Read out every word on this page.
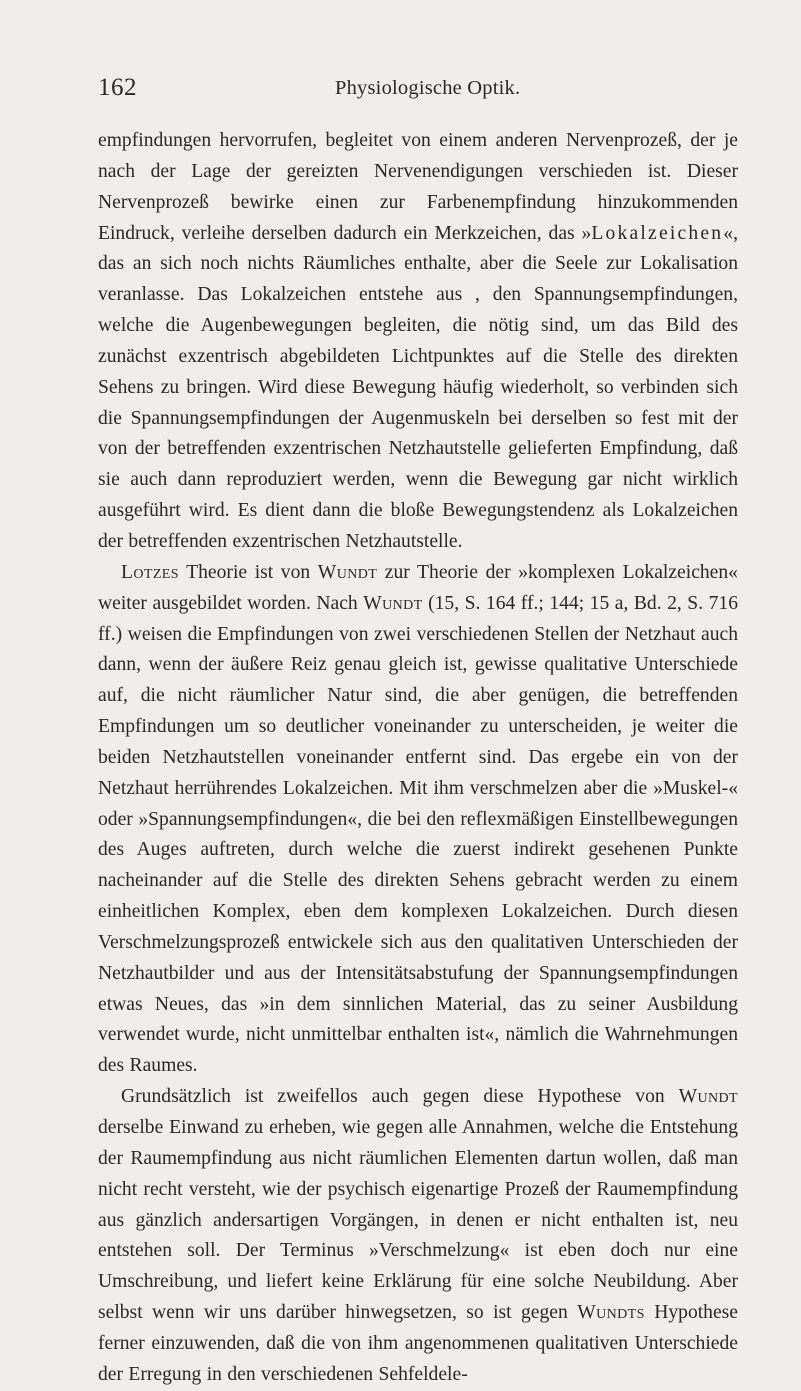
162	Physiologische Optik.

empfindungen hervorrufen, begleitet von einem anderen Nervenprozeß, der je nach der Lage der gereizten Nervenendigungen verschieden ist. Dieser Nervenprozeß bewirke einen zur Farbenempfindung hinzukommenden Eindruck, verleihe derselben dadurch ein Merkzeichen, das »Lokalzeichen«, das an sich noch nichts Räumliches enthalte, aber die Seele zur Lokalisation veranlasse. Das Lokalzeichen entstehe aus , den Spannungsempfindungen, welche die Augenbewegungen begleiten, die nötig sind, um das Bild des zunächst exzentrisch abgebildeten Lichtpunktes auf die Stelle des direkten Sehens zu bringen. Wird diese Bewegung häufig wiederholt, so verbinden sich die Spannungsempfindungen der Augenmuskeln bei derselben so fest mit der von der betreffenden exzentrischen Netzhautstelle gelieferten Empfindung, daß sie auch dann reproduziert werden, wenn die Bewegung gar nicht wirklich ausgeführt wird. Es dient dann die bloße Bewegungstendenz als Lokalzeichen der betreffenden exzentrischen Netzhautstelle.

Lotzes Theorie ist von Wundt zur Theorie der »komplexen Lokalzeichen« weiter ausgebildet worden. Nach Wundt (15, S. 164 ff.; 144; 15 a, Bd. 2, S. 716 ff.) weisen die Empfindungen von zwei verschiedenen Stellen der Netzhaut auch dann, wenn der äußere Reiz genau gleich ist, gewisse qualitative Unterschiede auf, die nicht räumlicher Natur sind, die aber genügen, die betreffenden Empfindungen um so deutlicher voneinander zu unterscheiden, je weiter die beiden Netzhautstellen voneinander entfernt sind. Das ergebe ein von der Netzhaut herrührendes Lokalzeichen. Mit ihm verschmelzen aber die »Muskel-« oder »Spannungsempfindungen«, die bei den reflexmäßigen Einstellbewegungen des Auges auftreten, durch welche die zuerst indirekt gesehenen Punkte nacheinander auf die Stelle des direkten Sehens gebracht werden zu einem einheitlichen Komplex, eben dem komplexen Lokalzeichen. Durch diesen Verschmelzungsprozeß entwickele sich aus den qualitativen Unterschieden der Netzhautbilder und aus der Intensitätsabstufung der Spannungsempfindungen etwas Neues, das »in dem sinnlichen Material, das zu seiner Ausbildung verwendet wurde, nicht unmittelbar enthalten ist«, nämlich die Wahrnehmungen des Raumes.

Grundsätzlich ist zweifellos auch gegen diese Hypothese von Wundt derselbe Einwand zu erheben, wie gegen alle Annahmen, welche die Entstehung der Raumempfindung aus nicht räumlichen Elementen dartun wollen, daß man nicht recht versteht, wie der psychisch eigenartige Prozeß der Raumempfindung aus gänzlich andersartigen Vorgängen, in denen er nicht enthalten ist, neu entstehen soll. Der Terminus »Verschmelzung« ist eben doch nur eine Umschreibung, und liefert keine Erklärung für eine solche Neubildung. Aber selbst wenn wir uns darüber hinwegsetzen, so ist gegen Wundts Hypothese ferner einzuwenden, daß die von ihm angenommenen qualitativen Unterschiede der Erregung in den verschiedenen Sehfeldele-
